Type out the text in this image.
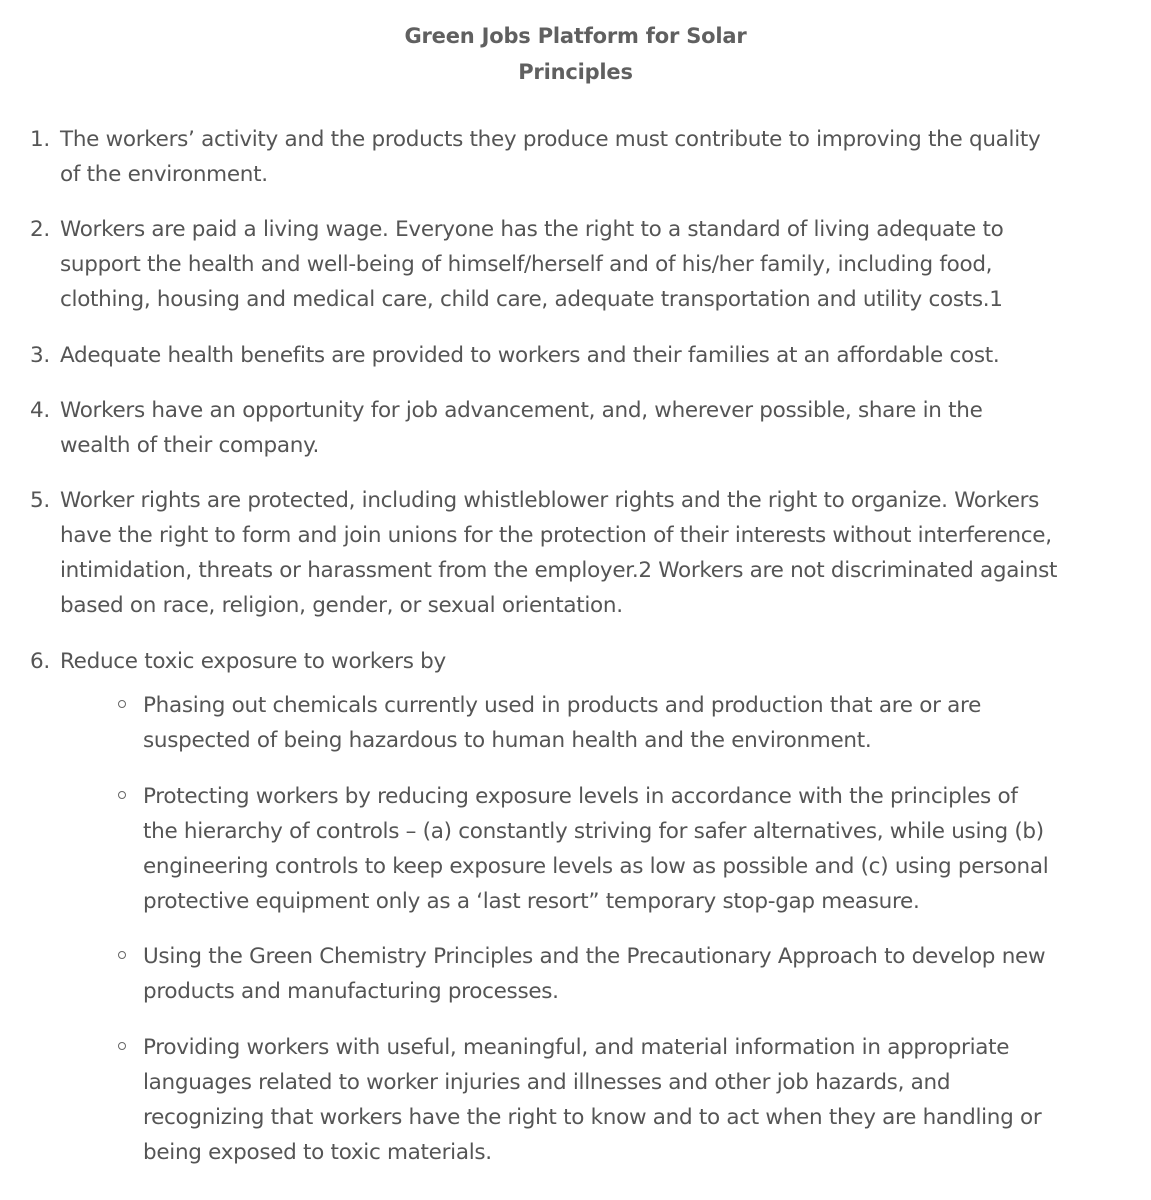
Green Jobs Platform for Solar
Principles
1. The workers’ activity and the products they produce must contribute to improving the quality
of the environment.
2. Workers are paid a living wage. Everyone has the right to a standard of living adequate to
support the health and well-being of himself/herself and of his/her family, including food,
clothing, housing and medical care, child care, adequate transportation and utility costs.1
3. Adequate health benefits are provided to workers and their families at an affordable cost.
4. Workers have an opportunity for job advancement, and, wherever possible, share in the
wealth of their company.
5. Worker rights are protected, including whistleblower rights and the right to organize. Workers
have the right to form and join unions for the protection of their interests without interference,
intimidation, threats or harassment from the employer.2 Workers are not discriminated against
based on race, religion, gender, or sexual orientation.
6. Reduce toxic exposure to workers by
Phasing out chemicals currently used in products and production that are or are
suspected of being hazardous to human health and the environment.
Protecting workers by reducing exposure levels in accordance with the principles of
the hierarchy of controls – (a) constantly striving for safer alternatives, while using (b)
engineering controls to keep exposure levels as low as possible and (c) using personal
protective equipment only as a ‘last resort” temporary stop-gap measure.
Using the Green Chemistry Principles and the Precautionary Approach to develop new
products and manufacturing processes.
Providing workers with useful, meaningful, and material information in appropriate
languages related to worker injuries and illnesses and other job hazards, and
recognizing that workers have the right to know and to act when they are handling or
being exposed to toxic materials.
